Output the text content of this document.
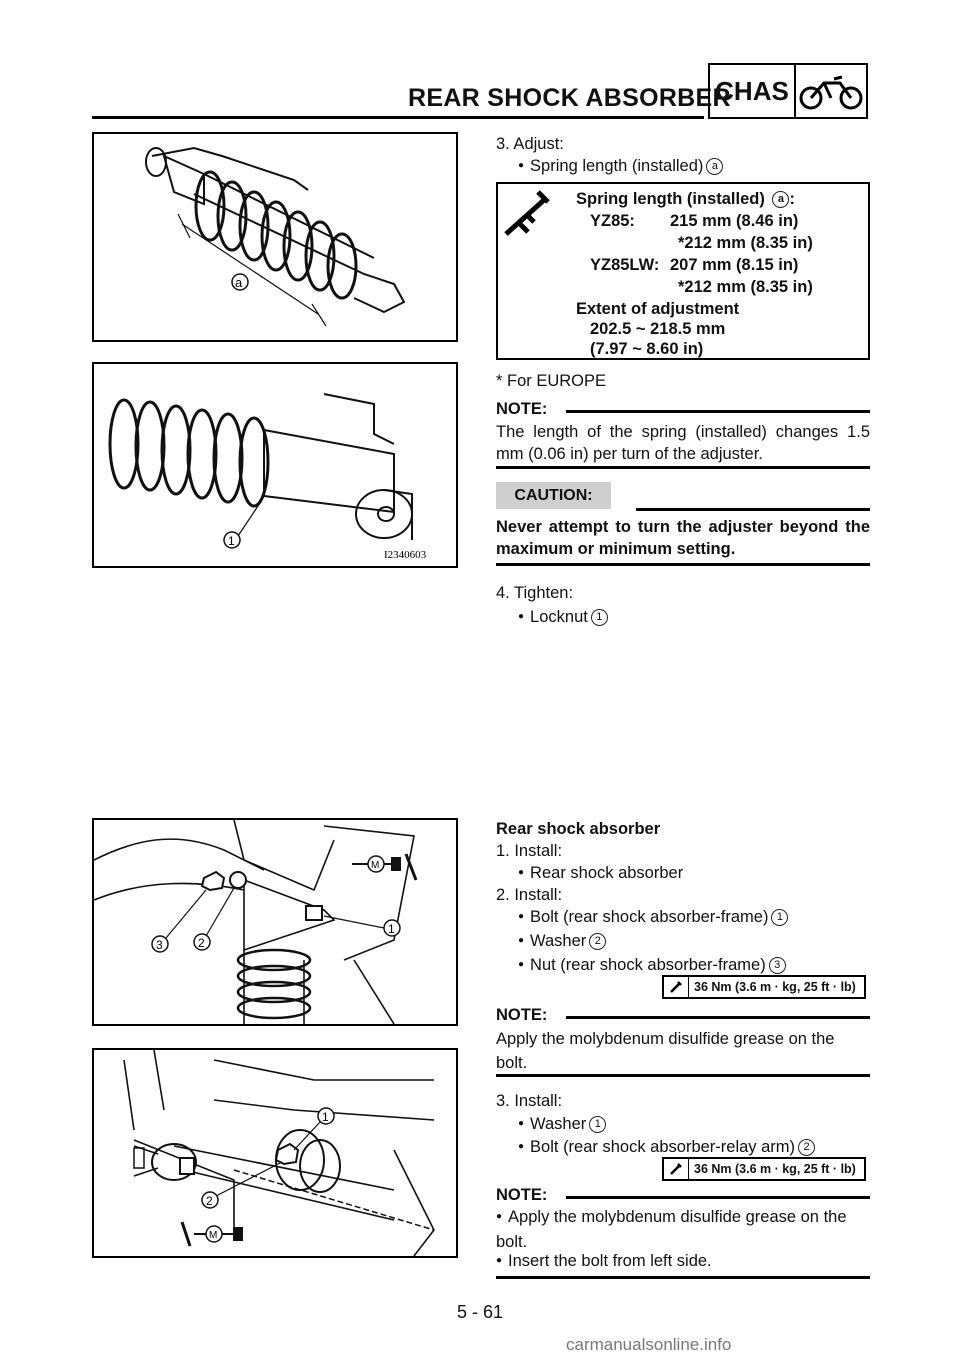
REAR SHOCK ABSORBER
CHAS
a
1
I2340603
3. Adjust:
● Spring length (installed) a
Spring length (installed) a :
YZ85:	215 mm (8.46 in)
*212 mm (8.35 in)
YZ85LW: 207 mm (8.15 in)
*212 mm (8.35 in)
Extent of adjustment
202.5 ~ 218.5 mm
(7.97 ~ 8.60 in)
* For EUROPE
NOTE:
The length of the spring (installed) changes 1.5 mm (0.06 in) per turn of the adjuster.
CAUTION:
Never attempt to turn the adjuster beyond the maximum or minimum setting.
4. Tighten:
● Locknut 1
3	2
1
M
1
2
M
Rear shock absorber
1. Install:
● Rear shock absorber
2. Install:
● Bolt (rear shock absorber-frame) 1
● Washer 2
● Nut (rear shock absorber-frame) 3
36 Nm (3.6 m · kg, 25 ft · lb)
NOTE:
Apply the molybdenum disulfide grease on the bolt.
3. Install:
● Washer 1
● Bolt (rear shock absorber-relay arm) 2
36 Nm (3.6 m · kg, 25 ft · lb)
NOTE:
● Apply the molybdenum disulfide grease on the bolt.
● Insert the bolt from left side.
5 - 61
carmanualsonline.info
